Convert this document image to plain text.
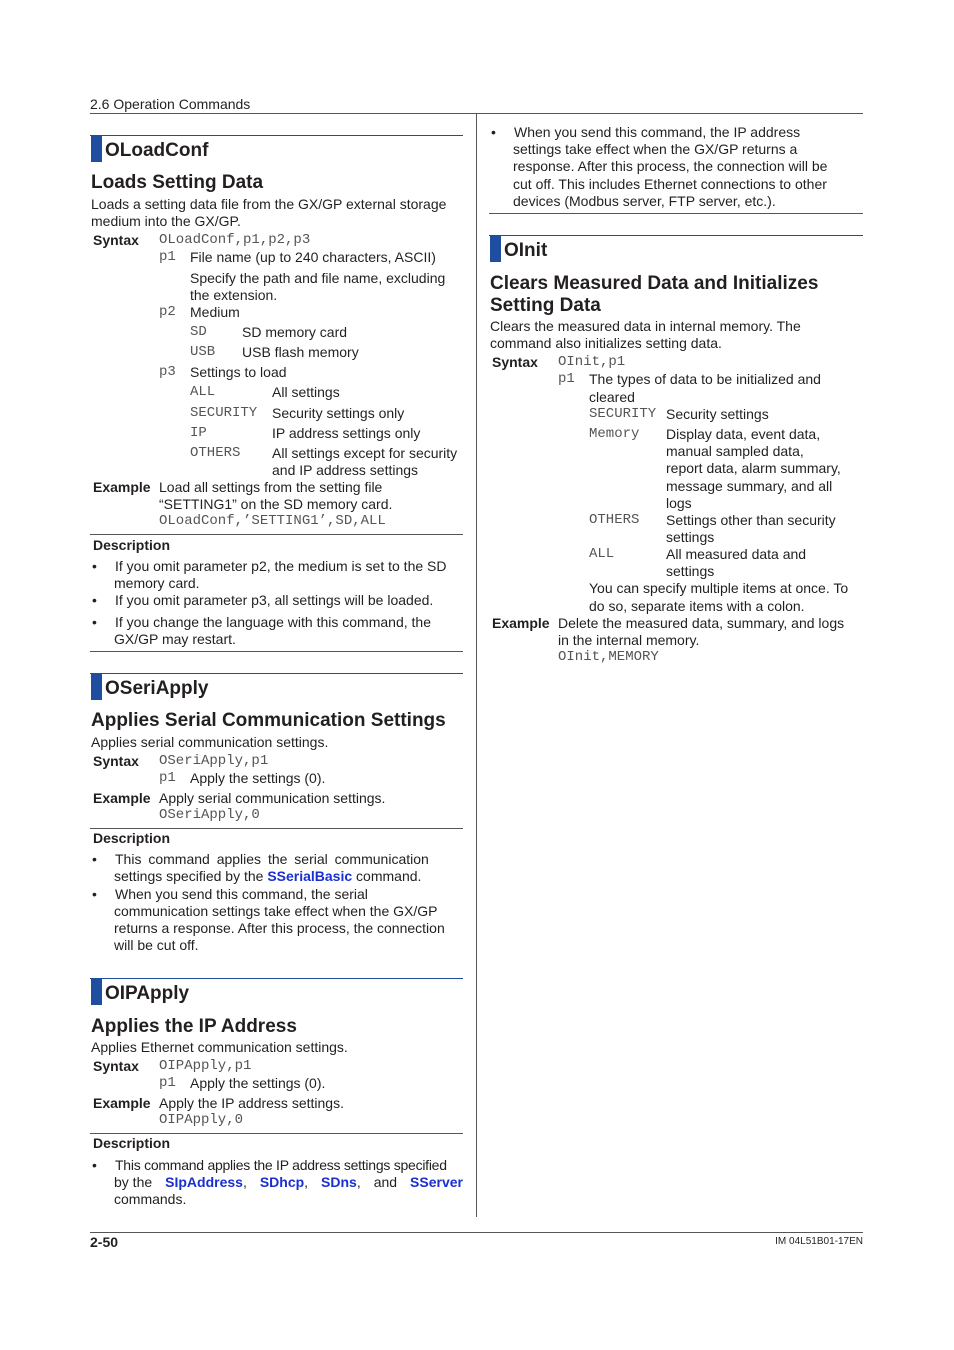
2.6 Operation Commands
OLoadConf
Loads Setting Data
Loads a setting data file from the GX/GP external storage
medium into the GX/GP.
Syntax OLoadConf,p1,p2,p3
p1 File name (up to 240 characters, ASCII)
Specify the path and file name, excluding
the extension.
p2 Medium
SD	SD memory card
USB USB flash memory
p3 Settings to load
ALL	All settings
SECURITY Security settings only
IP	IP address settings only
OTHERS All settings except for security
and IP address settings
Example Load all settings from the setting file
“SETTING1” on the SD memory card.
OLoadConf,’SETTING1’,SD,ALL
Description
• If you omit parameter p2, the medium is set to the SD
memory card.
• If you omit parameter p3, all settings will be loaded.
• If you change the language with this command, the
GX/GP may restart.
OSeriApply
Applies Serial Communication Settings
Applies serial communication settings.
Syntax OSeriApply,p1
p1 Apply the settings (0).
Example Apply serial communication settings.
OSeriApply,0
Description
• This command applies the serial communication
settings specified by the SSerialBasic command.
• When you send this command, the serial
communication settings take effect when the GX/GP
returns a response. After this process, the connection
will be cut off.
OIPApply
Applies the IP Address
Applies Ethernet communication settings.
Syntax OIPApply,p1
p1 Apply the settings (0).
Example Apply the IP address settings.
OIPApply,0
Description
• This command applies the IP address settings specified
by the SIpAddress, SDhcp, SDns, and SServer
commands.
• When you send this command, the IP address
settings take effect when the GX/GP returns a
response. After this process, the connection will be
cut off. This includes Ethernet connections to other
devices (Modbus server, FTP server, etc.).
OInit
Clears Measured Data and Initializes
Setting Data
Clears the measured data in internal memory. The
command also initializes setting data.
Syntax OInit,p1
p1 The types of data to be initialized and
cleared
SECURITY Security settings
Memory Display data, event data,
manual sampled data,
report data, alarm summary,
message summary, and all
logs
OTHERS Settings other than security
settings
ALL	All measured data and
settings
You can specify multiple items at once. To
do so, separate items with a colon.
Example Delete the measured data, summary, and logs
in the internal memory.
OInit,MEMORY
2-50	IM 04L51B01-17EN
